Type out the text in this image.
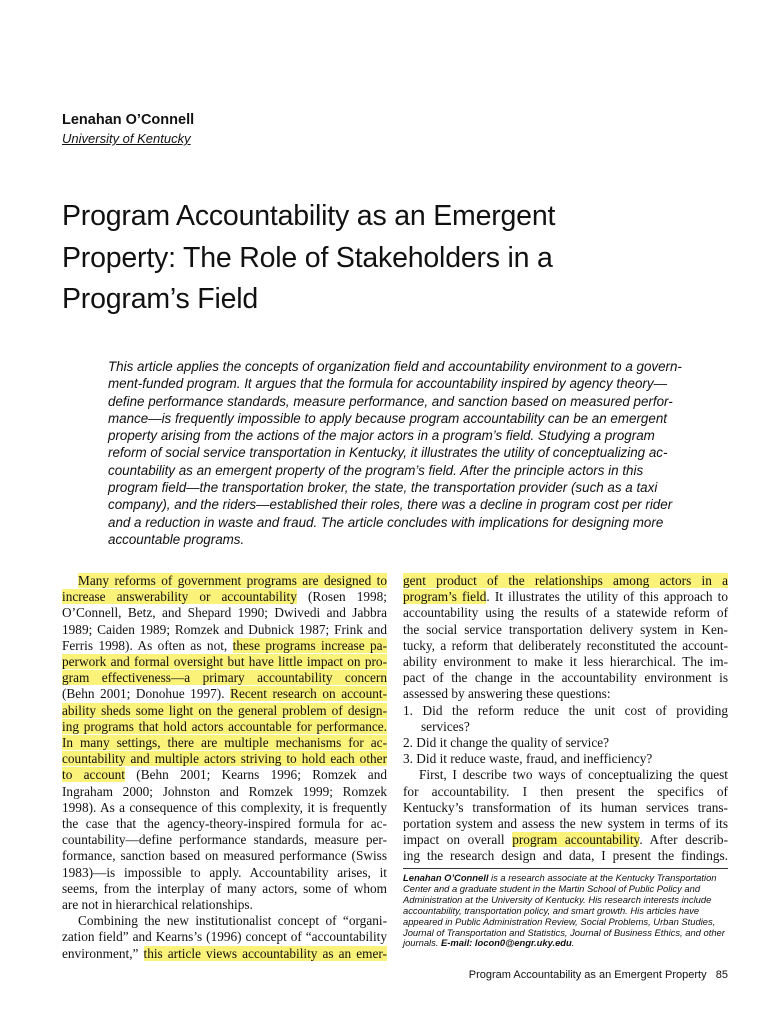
Lenahan O’Connell
University of Kentucky
Program Accountability as an Emergent
Property: The Role of Stakeholders in a
Program’s Field
This article applies the concepts of organization field and accountability environment to a govern-
ment-funded program. It argues that the formula for accountability inspired by agency theory—
define performance standards, measure performance, and sanction based on measured perfor-
mance—is frequently impossible to apply because program accountability can be an emergent
property arising from the actions of the major actors in a program’s field. Studying a program
reform of social service transportation in Kentucky, it illustrates the utility of conceptualizing ac-
countability as an emergent property of the program’s field. After the principle actors in this
program field—the transportation broker, the state, the transportation provider (such as a taxi
company), and the riders—established their roles, there was a decline in program cost per rider
and a reduction in waste and fraud. The article concludes with implications for designing more
accountable programs.
Many reforms of government programs are designed to
increase answerability or accountability (Rosen 1998;
O’Connell, Betz, and Shepard 1990; Dwivedi and Jabbra
1989; Caiden 1989; Romzek and Dubnick 1987; Frink and
Ferris 1998). As often as not, these programs increase pa-
perwork and formal oversight but have little impact on pro-
gram effectiveness—a primary accountability concern
(Behn 2001; Donohue 1997). Recent research on account-
ability sheds some light on the general problem of design-
ing programs that hold actors accountable for performance.
In many settings, there are multiple mechanisms for ac-
countability and multiple actors striving to hold each other
to account (Behn 2001; Kearns 1996; Romzek and
Ingraham 2000; Johnston and Romzek 1999; Romzek
1998). As a consequence of this complexity, it is frequently
the case that the agency-theory-inspired formula for ac-
countability—define performance standards, measure per-
formance, sanction based on measured performance (Swiss
1983)—is impossible to apply. Accountability arises, it
seems, from the interplay of many actors, some of whom
are not in hierarchical relationships.
Combining the new institutionalist concept of “organi-
zation field” and Kearns’s (1996) concept of “accountability
environment,” this article views accountability as an emer-
gent product of the relationships among actors in a
program’s field. It illustrates the utility of this approach to
accountability using the results of a statewide reform of
the social service transportation delivery system in Ken-
tucky, a reform that deliberately reconstituted the account-
ability environment to make it less hierarchical. The im-
pact of the change in the accountability environment is
assessed by answering these questions:
1. Did the reform reduce the unit cost of providing
services?
2. Did it change the quality of service?
3. Did it reduce waste, fraud, and inefficiency?
First, I describe two ways of conceptualizing the quest
for accountability. I then present the specifics of
Kentucky’s transformation of its human services trans-
portation system and assess the new system in terms of its
impact on overall program accountability. After describ-
ing the research design and data, I present the findings.
Lenahan O’Connell is a research associate at the Kentucky Transportation
Center and a graduate student in the Martin School of Public Policy and
Administration at the University of Kentucky. His research interests include
accountability, transportation policy, and smart growth. His articles have
appeared in Public Administration Review, Social Problems, Urban Studies,
Journal of Transportation and Statistics, Journal of Business Ethics, and other
journals. E-mail: locon0@engr.uky.edu.
Program Accountability as an Emergent Property 85
